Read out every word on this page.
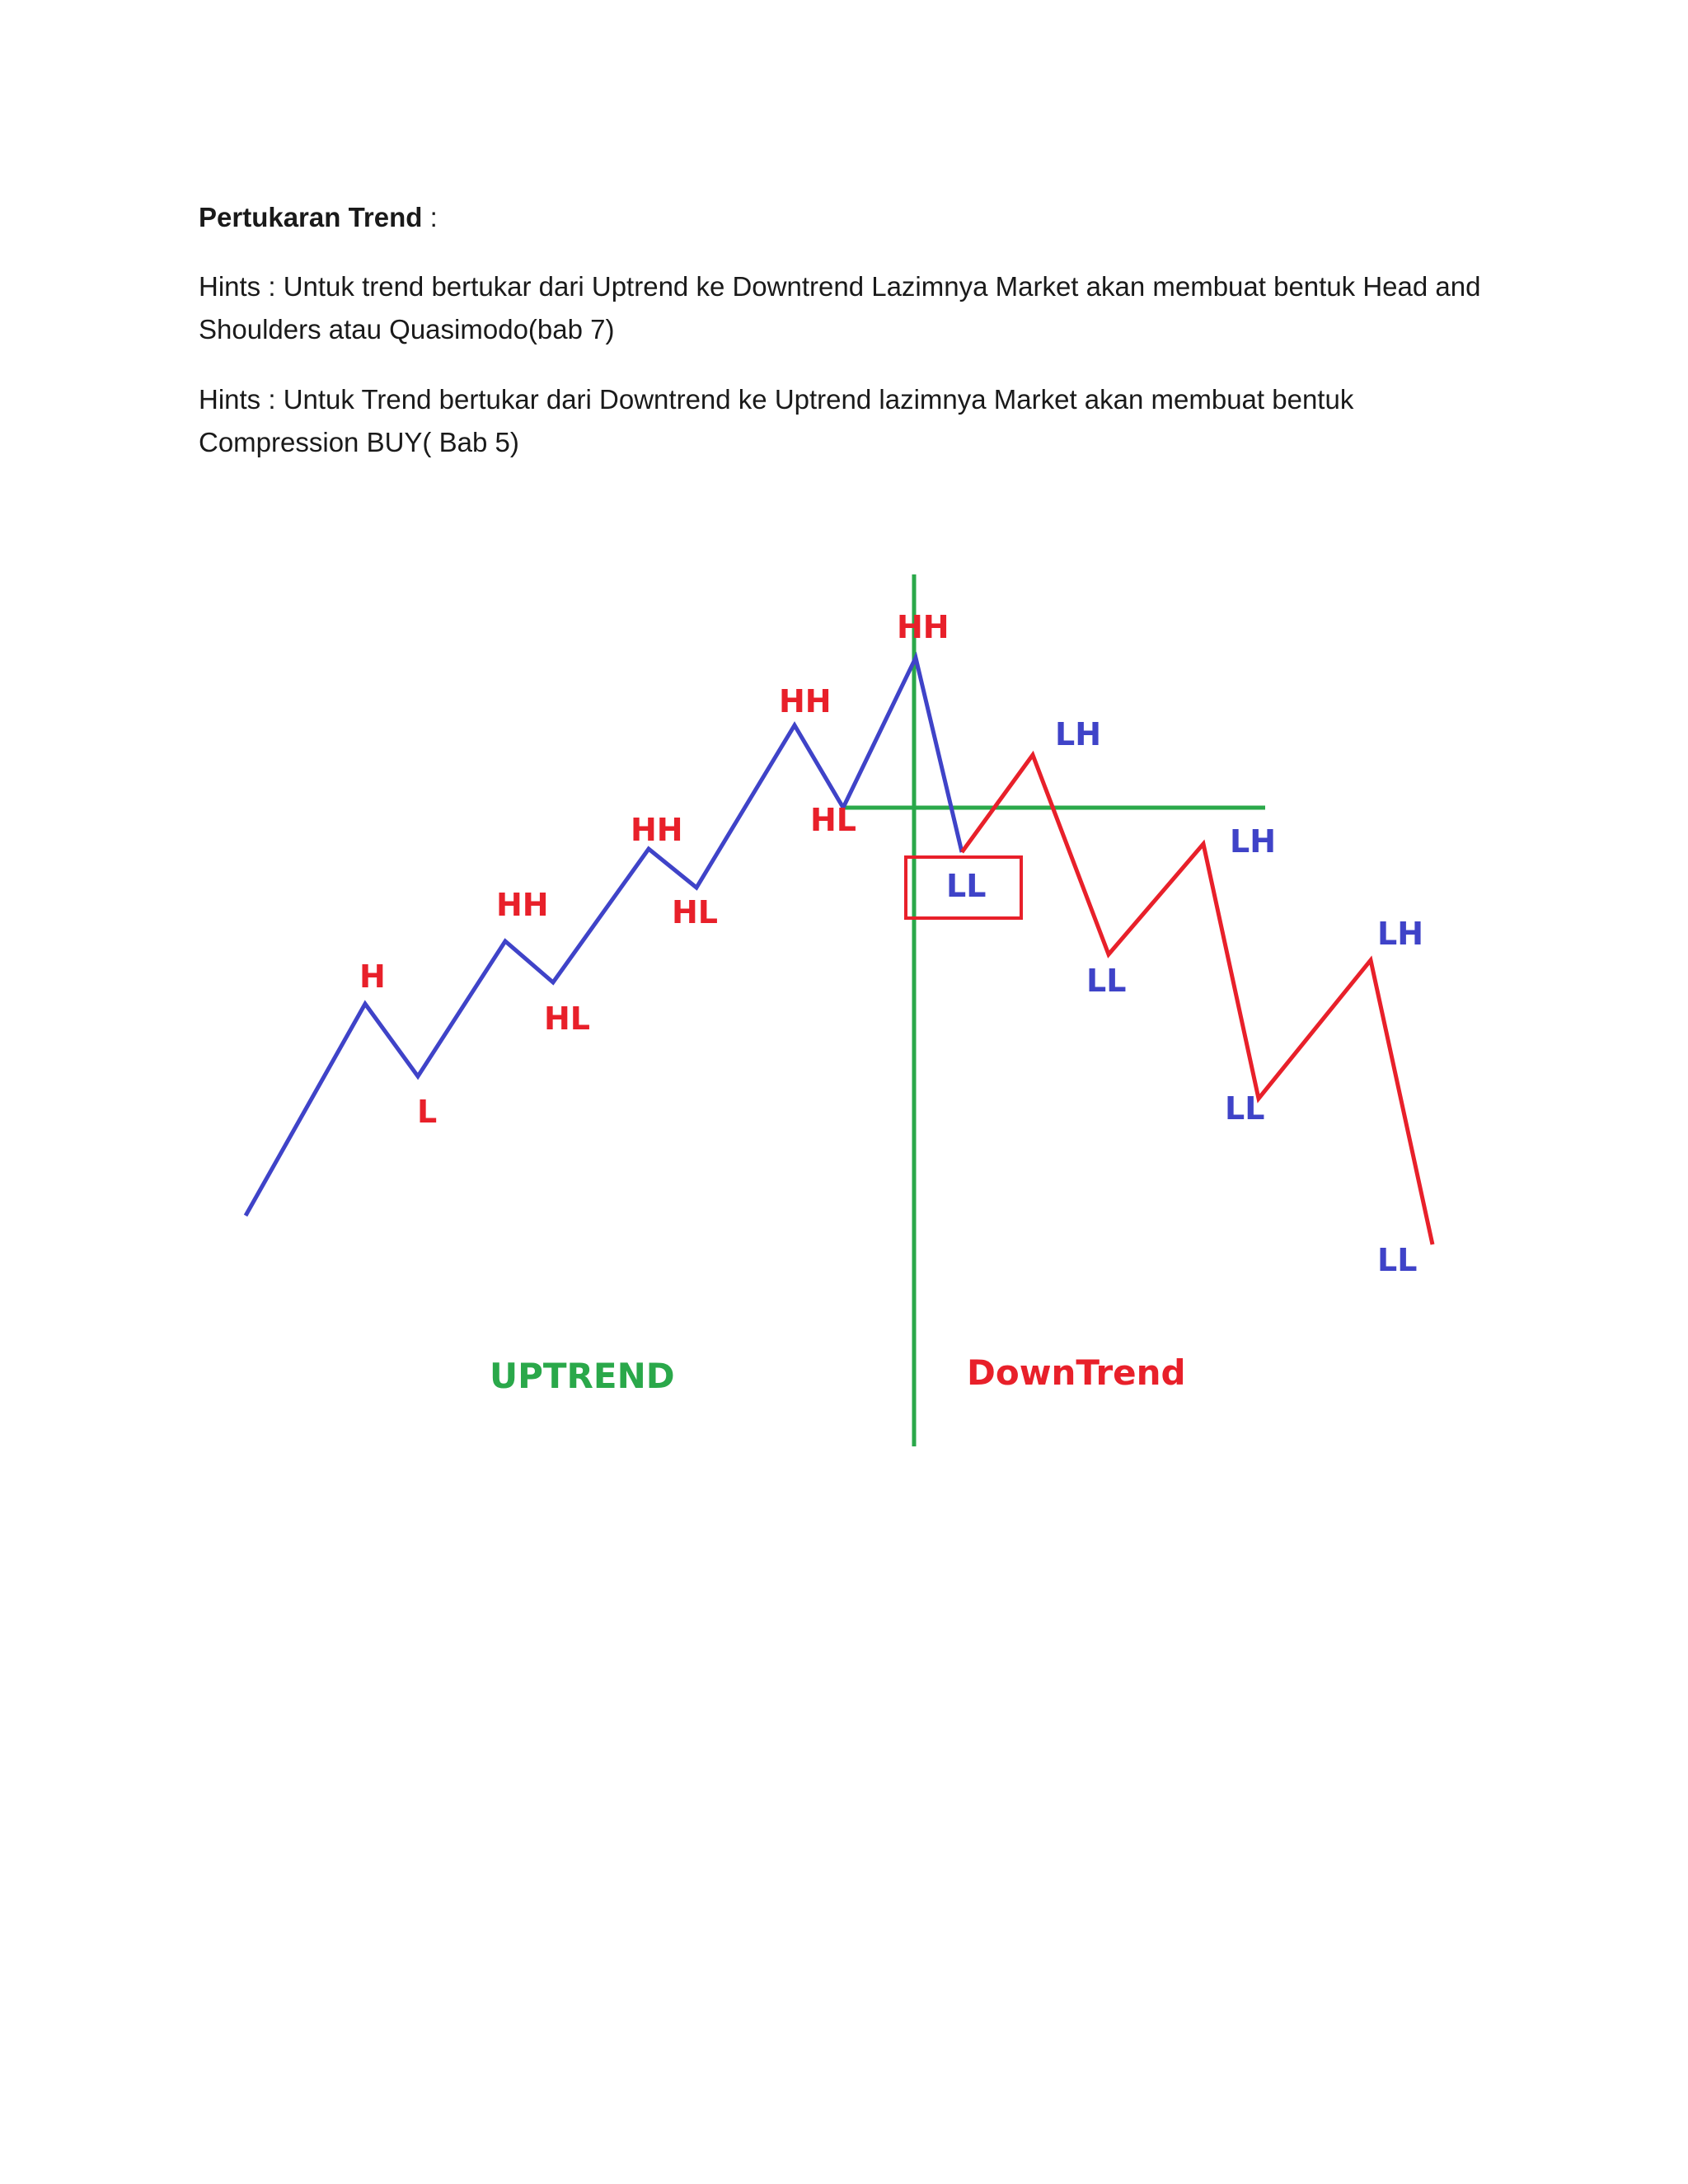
Pertukaran Trend :

Hints : Untuk trend bertukar dari Uptrend ke Downtrend Lazimnya Market akan membuat bentuk Head and Shoulders atau Quasimodo(bab 7)

Hints : Untuk Trend bertukar dari Downtrend ke Uptrend lazimnya Market akan membuat bentuk Compression BUY( Bab 5)

H
L
HH
HL
HH
HL
HH
HL
HH
LL
LH
LL
LH
LL
LH
LL
UPTREND	DownTrend
